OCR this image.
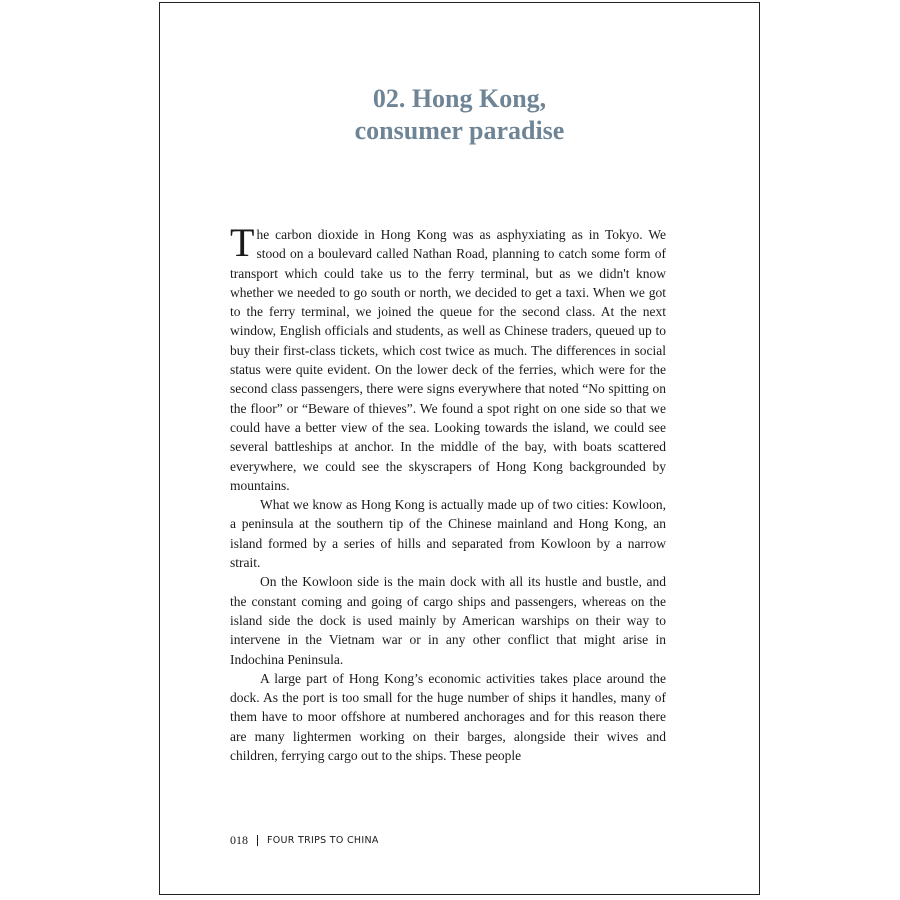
02. Hong Kong,
consumer paradise

The carbon dioxide in Hong Kong was as asphyxiating as in Tokyo. We stood on a boulevard called Nathan Road, planning to catch some form of transport which could take us to the ferry terminal, but as we didn't know whether we needed to go south or north, we decided to get a taxi. When we got to the ferry terminal, we joined the queue for the second class. At the next window, English officials and students, as well as Chinese traders, queued up to buy their first-class tickets, which cost twice as much. The differences in social status were quite evident. On the lower deck of the ferries, which were for the second class passengers, there were signs everywhere that noted “No spitting on the floor” or “Beware of thieves”. We found a spot right on one side so that we could have a better view of the sea. Looking towards the island, we could see several battleships at anchor. In the middle of the bay, with boats scattered everywhere, we could see the skyscrapers of Hong Kong backgrounded by mountains.

What we know as Hong Kong is actually made up of two cities: Kowloon, a peninsula at the southern tip of the Chinese mainland and Hong Kong, an island formed by a series of hills and separated from Kowloon by a narrow strait.

On the Kowloon side is the main dock with all its hustle and bustle, and the constant coming and going of cargo ships and passengers, whereas on the island side the dock is used mainly by American warships on their way to intervene in the Vietnam war or in any other conflict that might arise in Indochina Peninsula.

A large part of Hong Kong’s economic activities takes place around the dock. As the port is too small for the huge number of ships it handles, many of them have to moor offshore at numbered anchorages and for this reason there are many lightermen working on their barges, alongside their wives and children, ferrying cargo out to the ships. These people

018 FOUR TRIPS TO CHINA
